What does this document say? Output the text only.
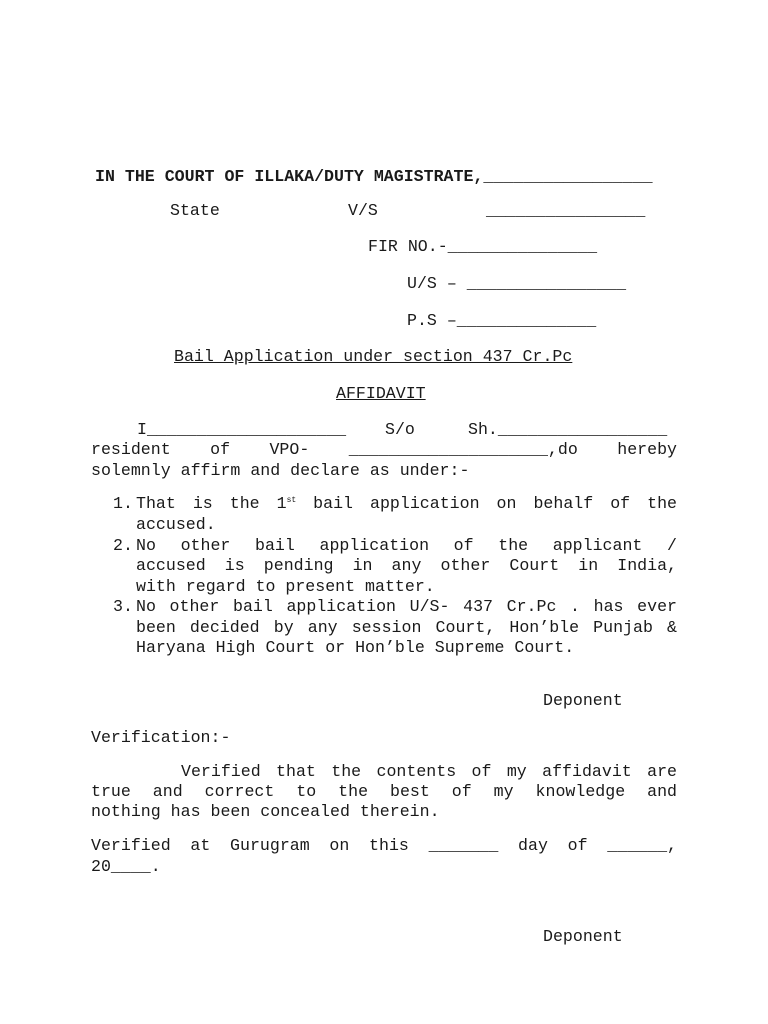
IN THE COURT OF ILLAKA/DUTY MAGISTRATE,_________________
State	V/S	________________
FIR NO.-_______________
U/S – ________________
P.S –______________
Bail Application under section 437 Cr.Pc
AFFIDAVIT
I____________________ S/o	Sh._________________
resident of VPO- ____________________,do hereby
solemnly affirm and declare as under:-
1. That is the 1st bail application on behalf of the
accused.
2. No other bail application of the applicant /
accused is pending in any other Court in India,
with regard to present matter.
3. No other bail application U/S- 437 Cr.Pc . has ever
been decided by any session Court, Hon’ble Punjab &
Haryana High Court or Hon’ble Supreme Court.
Deponent
Verification:-
Verified that the contents of my affidavit are
true and correct to the best of my knowledge and
nothing has been concealed therein.
Verified at Gurugram on this _______ day of ______,
20____.
Deponent
